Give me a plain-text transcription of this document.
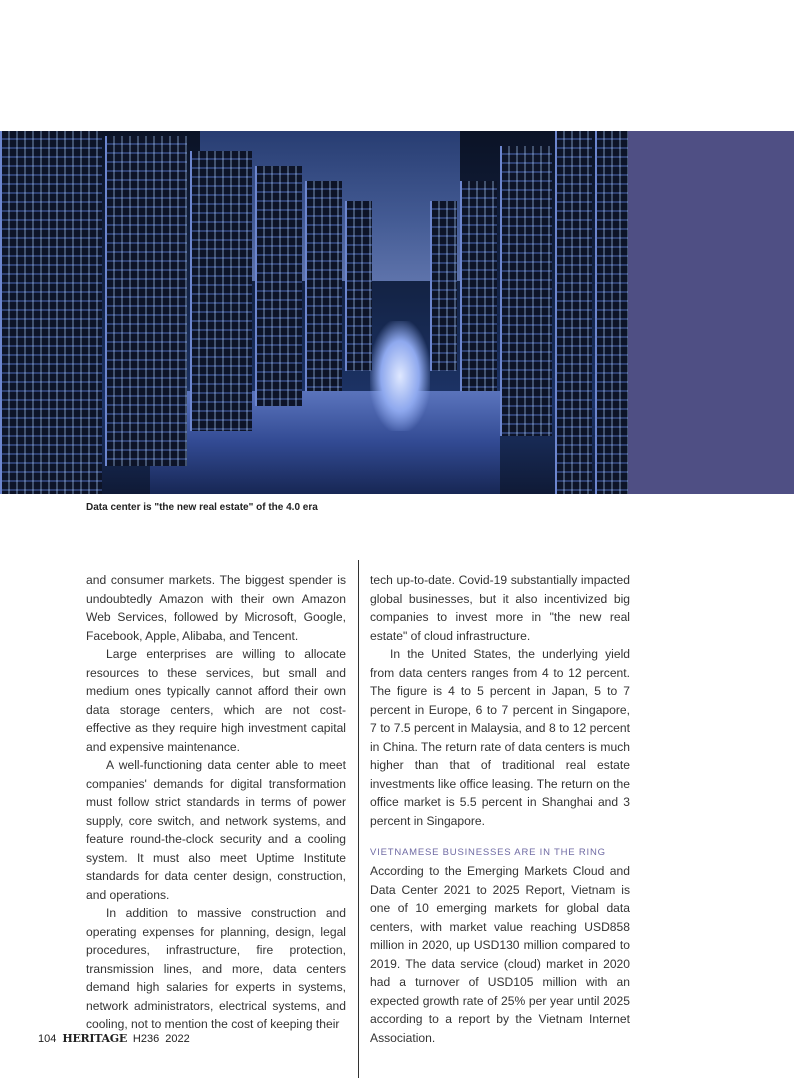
Data center is "the new real estate" of the 4.0 era

and consumer markets. The biggest spender is undoubtedly Amazon with their own Amazon Web Services, followed by Microsoft, Google, Facebook, Apple, Alibaba, and Tencent.

Large enterprises are willing to allocate resources to these services, but small and medium ones typically cannot afford their own data storage centers, which are not cost-effective as they require high investment capital and expensive maintenance.

A well-functioning data center able to meet companies' demands for digital transformation must follow strict standards in terms of power supply, core switch, and network systems, and feature round-the-clock security and a cooling system. It must also meet Uptime Institute standards for data center design, construction, and operations.

In addition to massive construction and operating expenses for planning, design, legal procedures, infrastructure, fire protection, transmission lines, and more, data centers demand high salaries for experts in systems, network administrators, electrical systems, and cooling, not to mention the cost of keeping their

tech up-to-date. Covid-19 substantially impacted global businesses, but it also incentivized big companies to invest more in "the new real estate" of cloud infrastructure.

In the United States, the underlying yield from data centers ranges from 4 to 12 percent. The figure is 4 to 5 percent in Japan, 5 to 7 percent in Europe, 6 to 7 percent in Singapore, 7 to 7.5 percent in Malaysia, and 8 to 12 percent in China. The return rate of data centers is much higher than that of traditional real estate investments like office leasing. The return on the office market is 5.5 percent in Shanghai and 3 percent in Singapore.

VIETNAMESE BUSINESSES ARE IN THE RING

According to the Emerging Markets Cloud and Data Center 2021 to 2025 Report, Vietnam is one of 10 emerging markets for global data centers, with market value reaching USD858 million in 2020, up USD130 million compared to 2019. The data service (cloud) market in 2020 had a turnover of USD105 million with an expected growth rate of 25% per year until 2025 according to a report by the Vietnam Internet Association.

104 HERITAGE H236 2022
